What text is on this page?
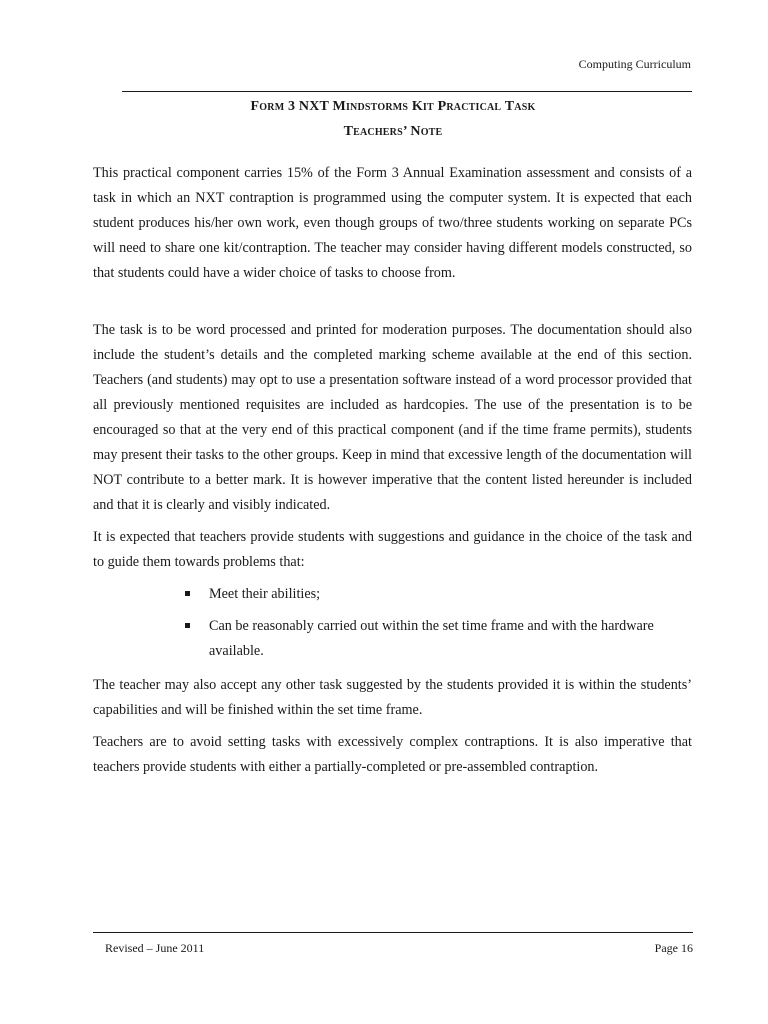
Computing Curriculum
Form 3 NXT Mindstorms Kit Practical Task
Teachers’ Note

This practical component carries 15% of the Form 3 Annual Examination assessment and consists of a task in which an NXT contraption is programmed using the computer system. It is expected that each student produces his/her own work, even though groups of two/three students working on separate PCs will need to share one kit/contraption. The teacher may consider having different models constructed, so that students could have a wider choice of tasks to choose from.

The task is to be word processed and printed for moderation purposes. The documentation should also include the student’s details and the completed marking scheme available at the end of this section. Teachers (and students) may opt to use a presentation software instead of a word processor provided that all previously mentioned requisites are included as hardcopies. The use of the presentation is to be encouraged so that at the very end of this practical component (and if the time frame permits), students may present their tasks to the other groups. Keep in mind that excessive length of the documentation will NOT contribute to a better mark. It is however imperative that the content listed hereunder is included and that it is clearly and visibly indicated.

It is expected that teachers provide students with suggestions and guidance in the choice of the task and to guide them towards problems that:

Meet their abilities;
Can be reasonably carried out within the set time frame and with the hardware available.

The teacher may also accept any other task suggested by the students provided it is within the students’ capabilities and will be finished within the set time frame.

Teachers are to avoid setting tasks with excessively complex contraptions. It is also imperative that teachers provide students with either a partially-completed or pre-assembled contraption.

Revised – June 2011	Page 16
